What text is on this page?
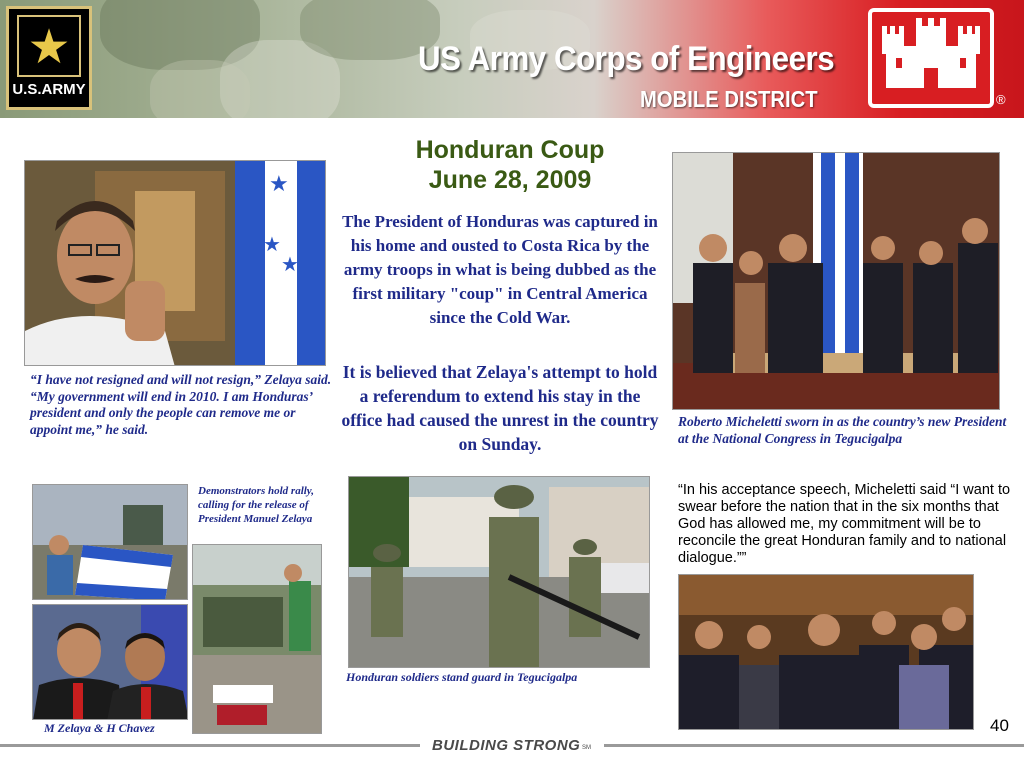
★
U.S.ARMY
US Army Corps of Engineers
MOBILE DISTRICT	®
Honduran Coup
June 28, 2009
The President of Honduras was captured in his home and ousted to Costa Rica by the army troops in what is being dubbed as the first military "coup" in Central America since the Cold War.
It is believed that Zelaya's attempt to hold a referendum to extend his stay in the office had caused the unrest in the country on Sunday.
★
★
★
“I have not resigned and will not resign,” Zelaya said. “My government will end in 2010. I am Honduras’ president and only the people can remove me or appoint me,” he said.	Roberto Micheletti sworn in as the country’s new President at the National Congress in Tegucigalpa
Demonstrators hold rally, calling for the release of President Manuel Zelaya
Honduran soldiers stand guard in Tegucigalpa
“In his acceptance speech, Micheletti said “I want to swear before the nation that in the six months that God has allowed me, my commitment will be to reconcile the great Honduran family and to national dialogue.””
M Zelaya & H Chavez	40
BUILDING STRONG SM
